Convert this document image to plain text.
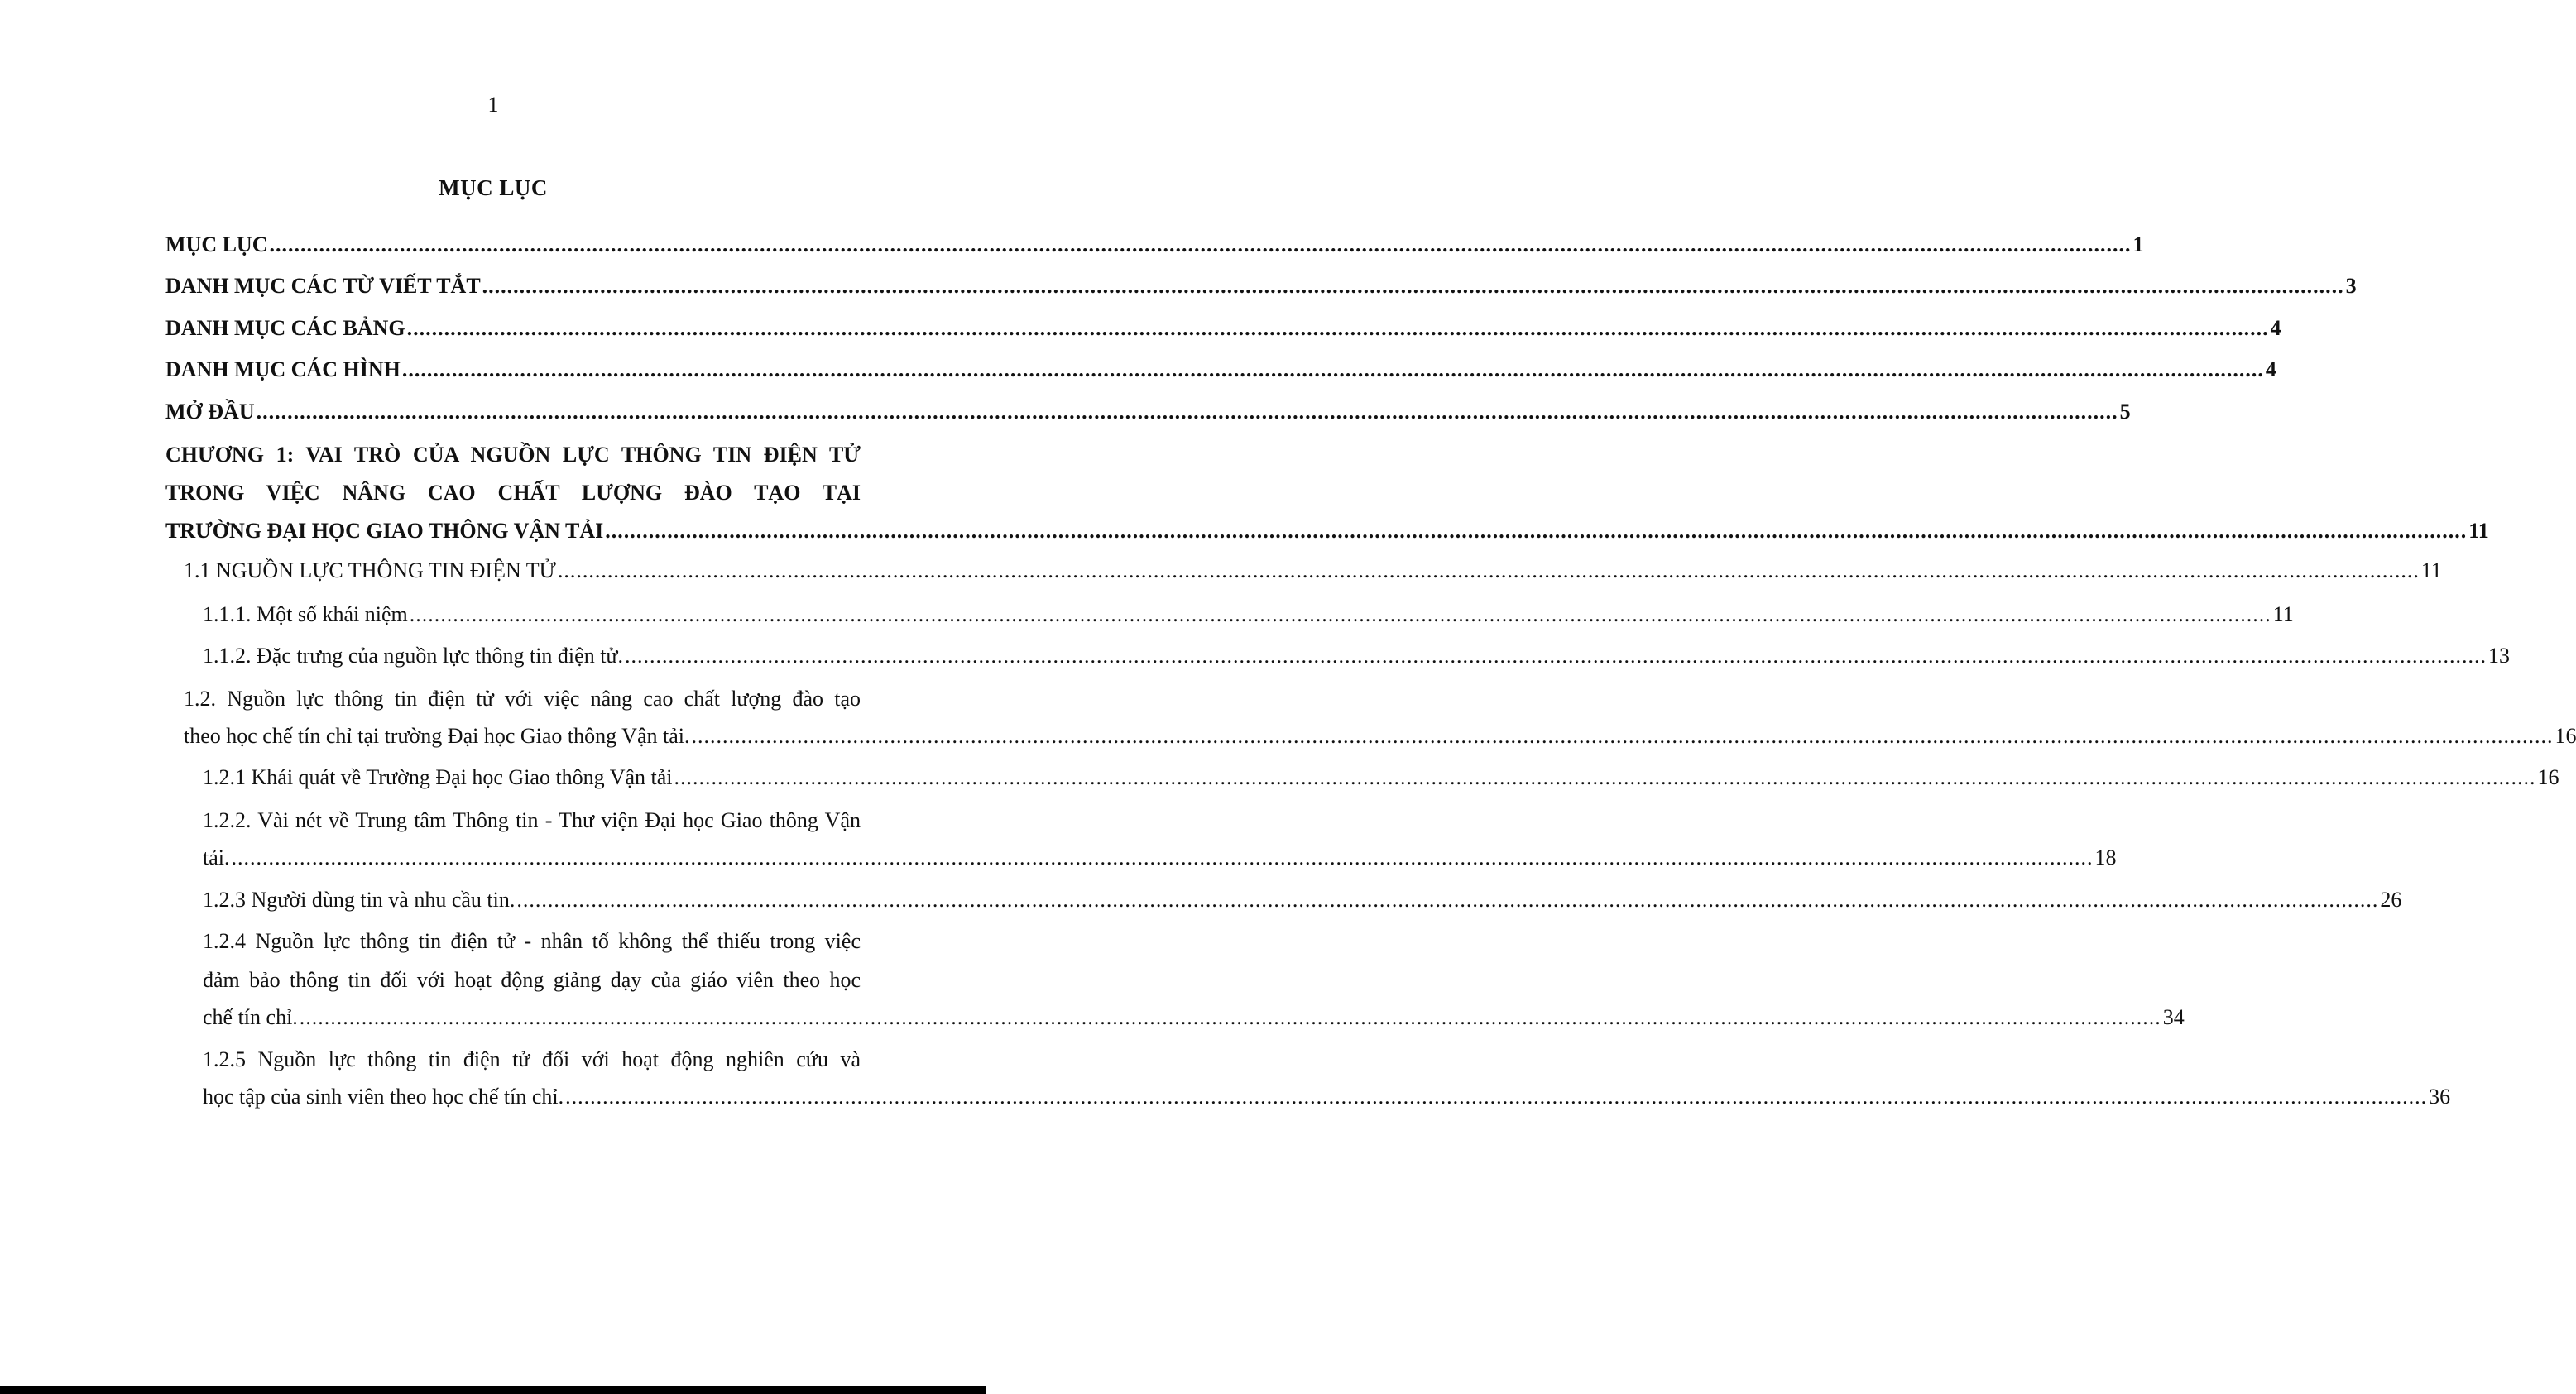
1
MỤC LỤC
MỤC LỤC ............................................................................................................................................................................................................................................................................................................ 1
DANH MỤC CÁC TỪ VIẾT TẮT ............................................................................................................................................................................................................................................................................................................ 3
DANH MỤC CÁC BẢNG ............................................................................................................................................................................................................................................................................................................ 4
DANH MỤC CÁC HÌNH ............................................................................................................................................................................................................................................................................................................ 4
MỞ ĐẦU ............................................................................................................................................................................................................................................................................................................ 5
CHƯƠNG 1: VAI TRÒ CỦA NGUỒN LỰC THÔNG TIN ĐIỆN TỬ
TRONG VIỆC NÂNG CAO CHẤT LƯỢNG ĐÀO TẠO TẠI
TRƯỜNG ĐẠI HỌC GIAO THÔNG VẬN TẢI ............................................................................................................................................................................................................................................................................................................ 11
1.1 NGUỒN LỰC THÔNG TIN ĐIỆN TỬ ............................................................................................................................................................................................................................................................................................................ 11
1.1.1. Một số khái niệm ............................................................................................................................................................................................................................................................................................................ 11
1.1.2. Đặc trưng của nguồn lực thông tin điện tử. ............................................................................................................................................................................................................................................................................................................ 13
1.2. Nguồn lực thông tin điện tử với việc nâng cao chất lượng đào tạo
theo học chế tín chỉ tại trường Đại học Giao thông Vận tải. ............................................................................................................................................................................................................................................................................................................ 16
1.2.1 Khái quát về Trường Đại học Giao thông Vận tải ............................................................................................................................................................................................................................................................................................................ 16
1.2.2. Vài nét về Trung tâm Thông tin - Thư viện Đại học Giao thông Vận
tải. ............................................................................................................................................................................................................................................................................................................ 18
1.2.3 Người dùng tin và nhu cầu tin. ............................................................................................................................................................................................................................................................................................................ 26
1.2.4 Nguồn lực thông tin điện tử - nhân tố không thể thiếu trong việc
đảm bảo thông tin đối với hoạt động giảng dạy của giáo viên theo học
chế tín chỉ. ............................................................................................................................................................................................................................................................................................................ 34
1.2.5 Nguồn lực thông tin điện tử đối với hoạt động nghiên cứu và
học tập của sinh viên theo học chế tín chỉ. ............................................................................................................................................................................................................................................................................................................ 36
